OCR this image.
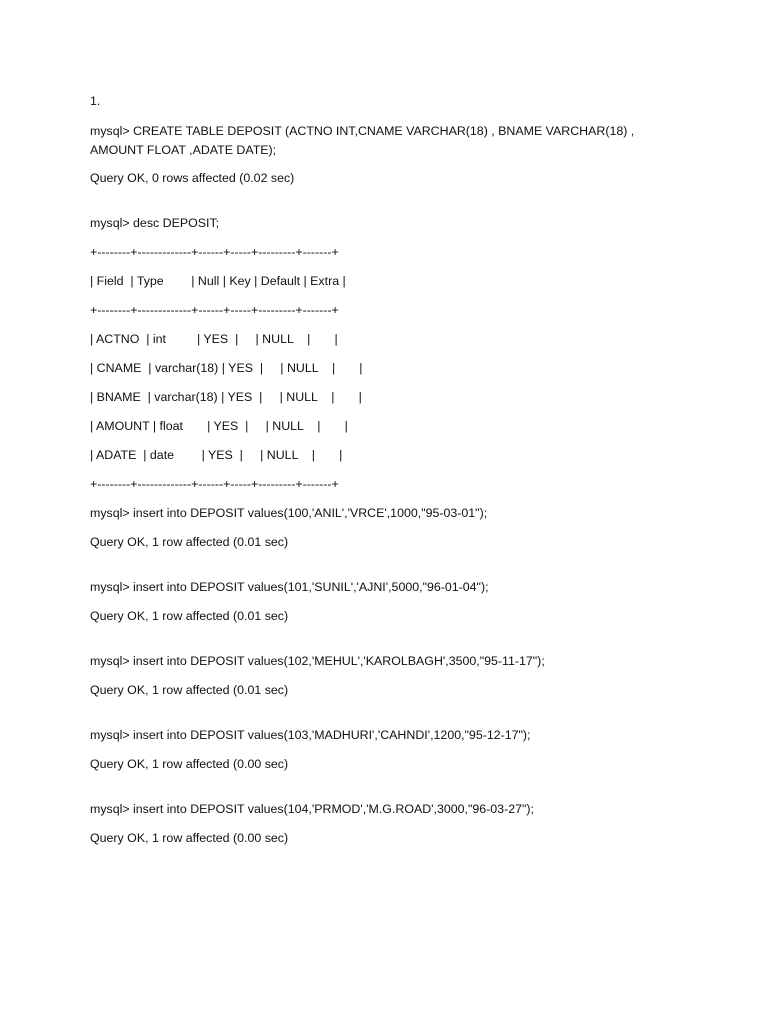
1.
mysql> CREATE TABLE DEPOSIT (ACTNO INT,CNAME VARCHAR(18) , BNAME VARCHAR(18) , AMOUNT FLOAT ,ADATE DATE);
Query OK, 0 rows affected (0.02 sec)
mysql> desc DEPOSIT;
+--------+-------------+------+-----+---------+-------+
| Field  | Type        | Null | Key | Default | Extra |
+--------+-------------+------+-----+---------+-------+
| ACTNO  | int         | YES  |     | NULL    |       |
| CNAME  | varchar(18) | YES  |     | NULL    |       |
| BNAME  | varchar(18) | YES  |     | NULL    |       |
| AMOUNT | float       | YES  |     | NULL    |       |
| ADATE  | date        | YES  |     | NULL    |       |
+--------+-------------+------+-----+---------+-------+
mysql> insert into DEPOSIT values(100,'ANIL','VRCE',1000,"95-03-01");
Query OK, 1 row affected (0.01 sec)
mysql> insert into DEPOSIT values(101,'SUNIL','AJNI',5000,"96-01-04");
Query OK, 1 row affected (0.01 sec)
mysql> insert into DEPOSIT values(102,'MEHUL','KAROLBAGH',3500,"95-11-17");
Query OK, 1 row affected (0.01 sec)
mysql> insert into DEPOSIT values(103,'MADHURI','CAHNDI',1200,"95-12-17");
Query OK, 1 row affected (0.00 sec)
mysql> insert into DEPOSIT values(104,'PRMOD','M.G.ROAD',3000,"96-03-27");
Query OK, 1 row affected (0.00 sec)
